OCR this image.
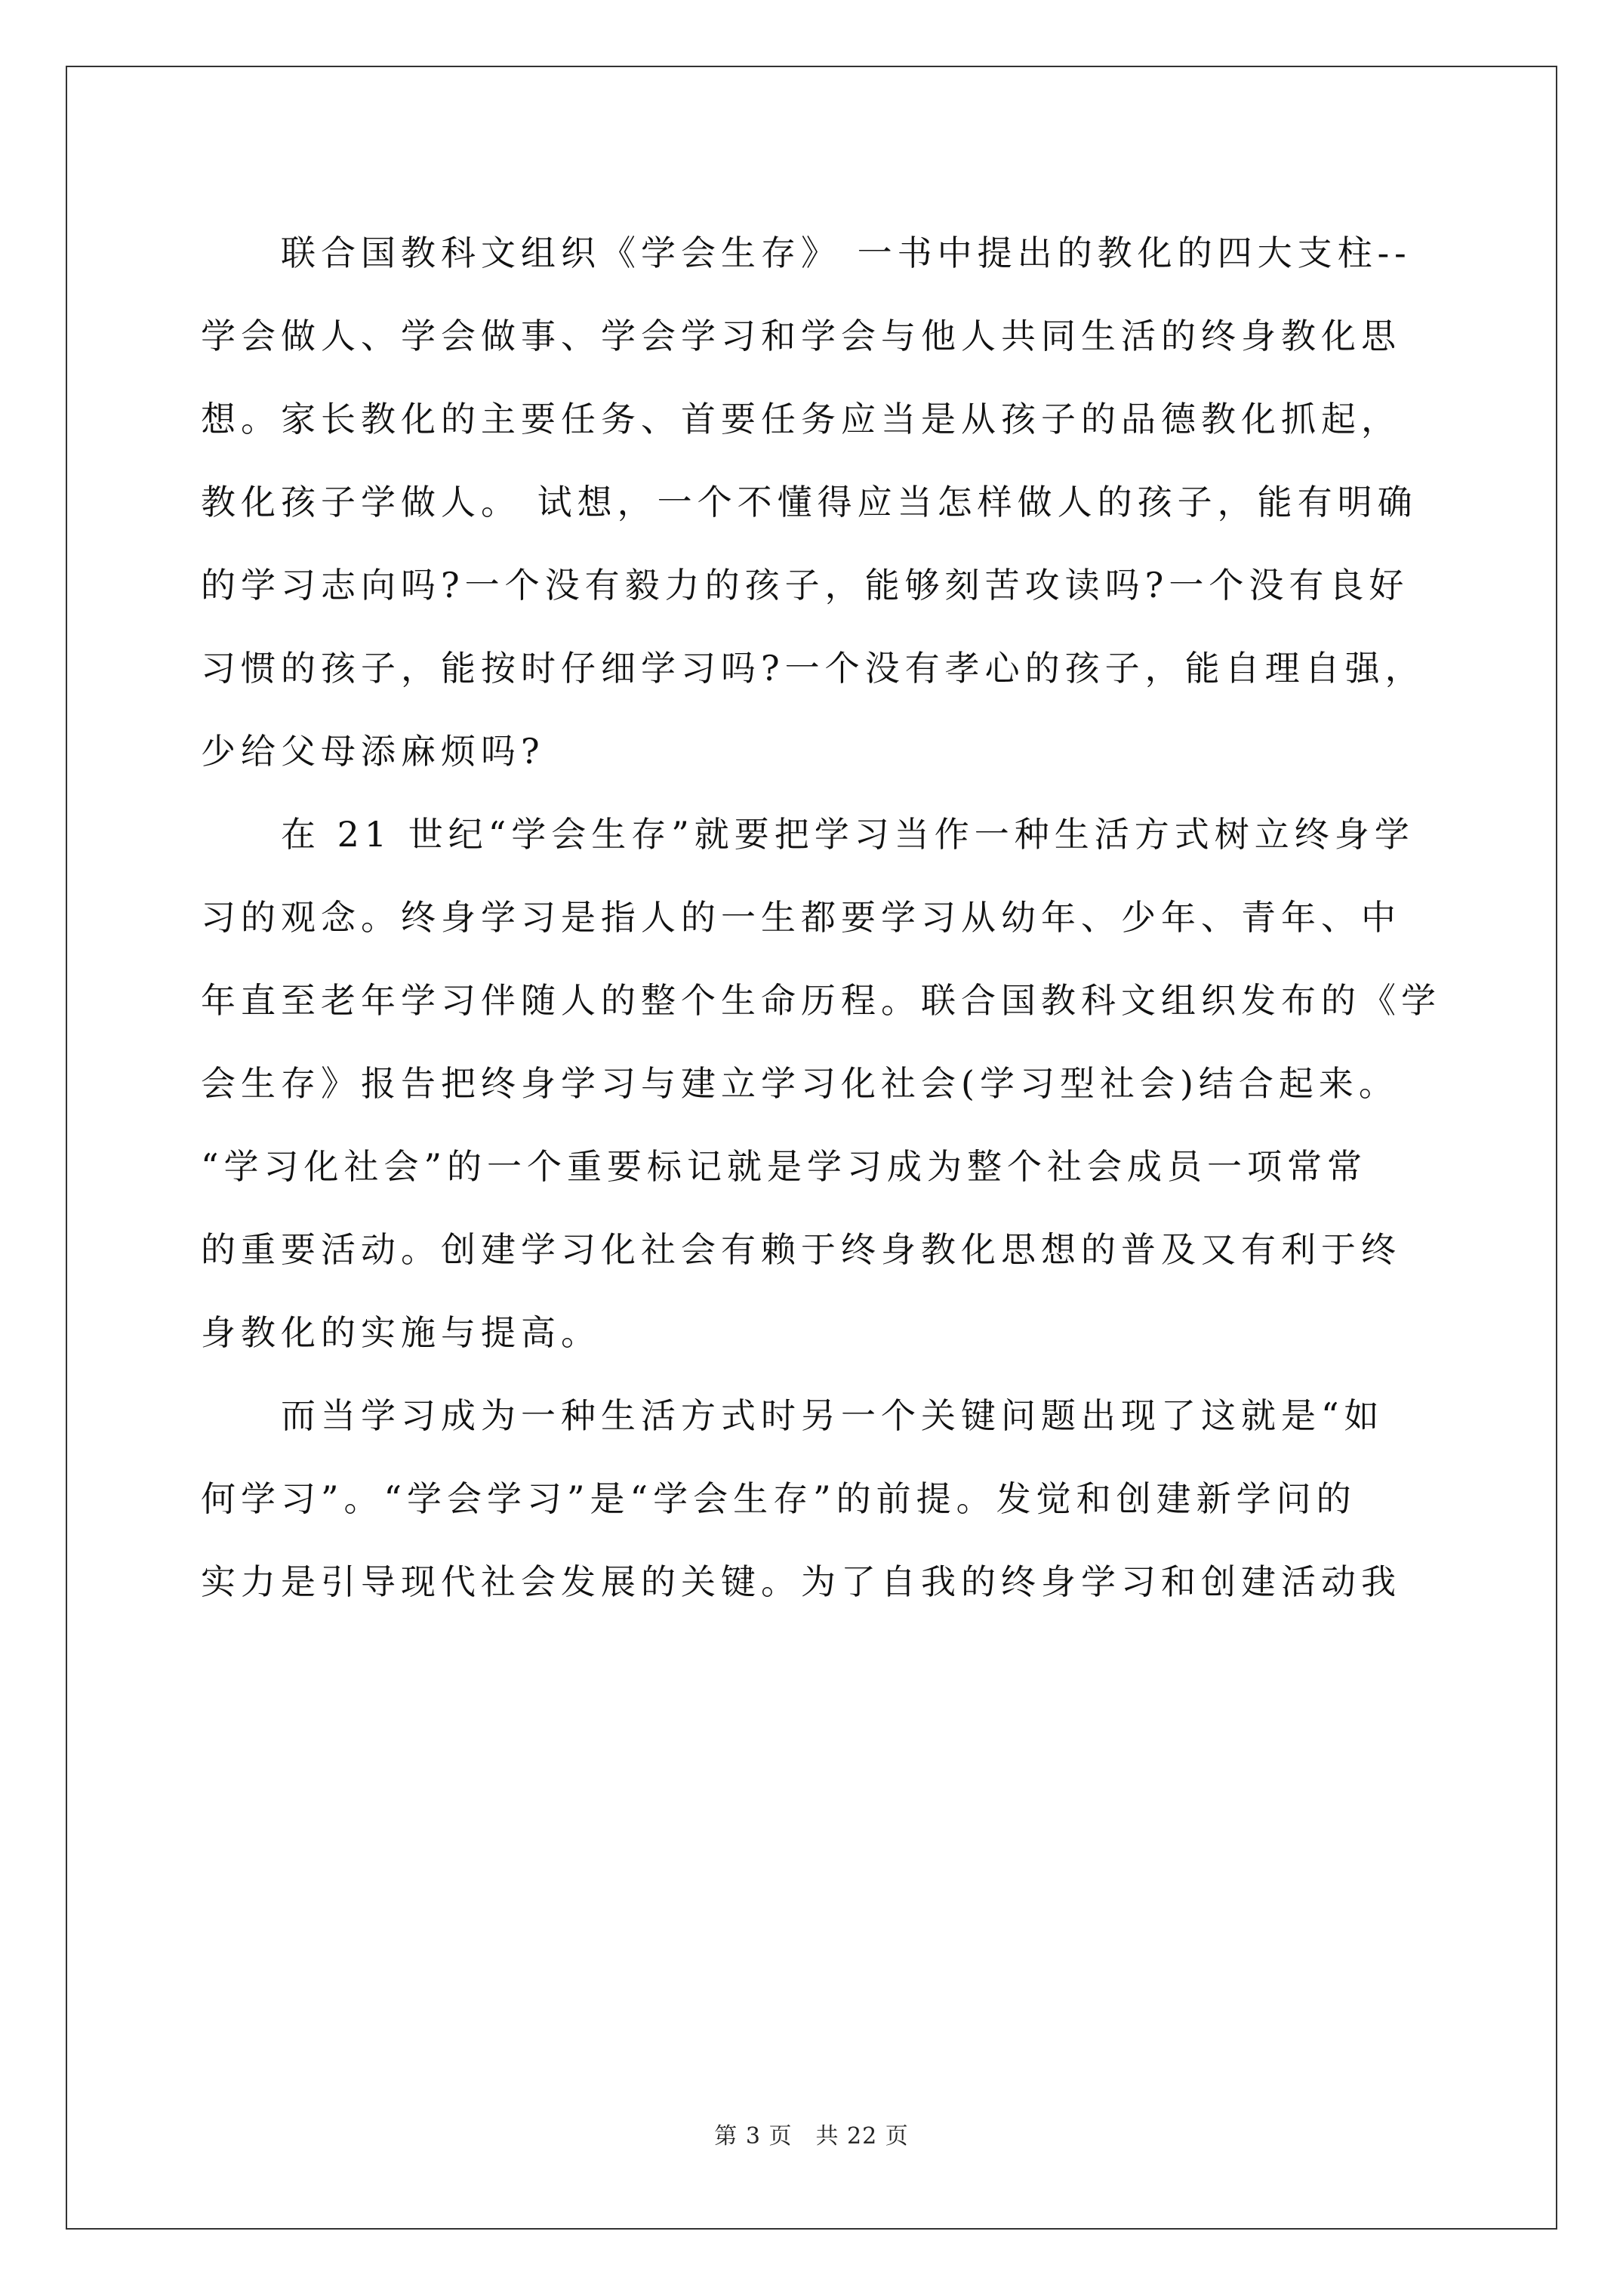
　　联合国教科文组织《学会生存》 一书中提出的教化的四大支柱--
学会做人、学会做事、学会学习和学会与他人共同生活的终身教化思
想。家长教化的主要任务、首要任务应当是从孩子的品德教化抓起，
教化孩子学做人。 试想，一个不懂得应当怎样做人的孩子，能有明确
的学习志向吗?一个没有毅力的孩子，能够刻苦攻读吗?一个没有良好
习惯的孩子，能按时仔细学习吗?一个没有孝心的孩子，能自理自强，
少给父母添麻烦吗?
　　在 21 世纪“学会生存”就要把学习当作一种生活方式树立终身学
习的观念。终身学习是指人的一生都要学习从幼年、少年、青年、中
年直至老年学习伴随人的整个生命历程。联合国教科文组织发布的《学
会生存》报告把终身学习与建立学习化社会(学习型社会)结合起来。
“学习化社会”的一个重要标记就是学习成为整个社会成员一项常常
的重要活动。创建学习化社会有赖于终身教化思想的普及又有利于终
身教化的实施与提高。
　　而当学习成为一种生活方式时另一个关键问题出现了这就是“如
何学习”。“学会学习”是“学会生存”的前提。发觉和创建新学问的
实力是引导现代社会发展的关键。为了自我的终身学习和创建活动我
第 3 页　共 22 页
